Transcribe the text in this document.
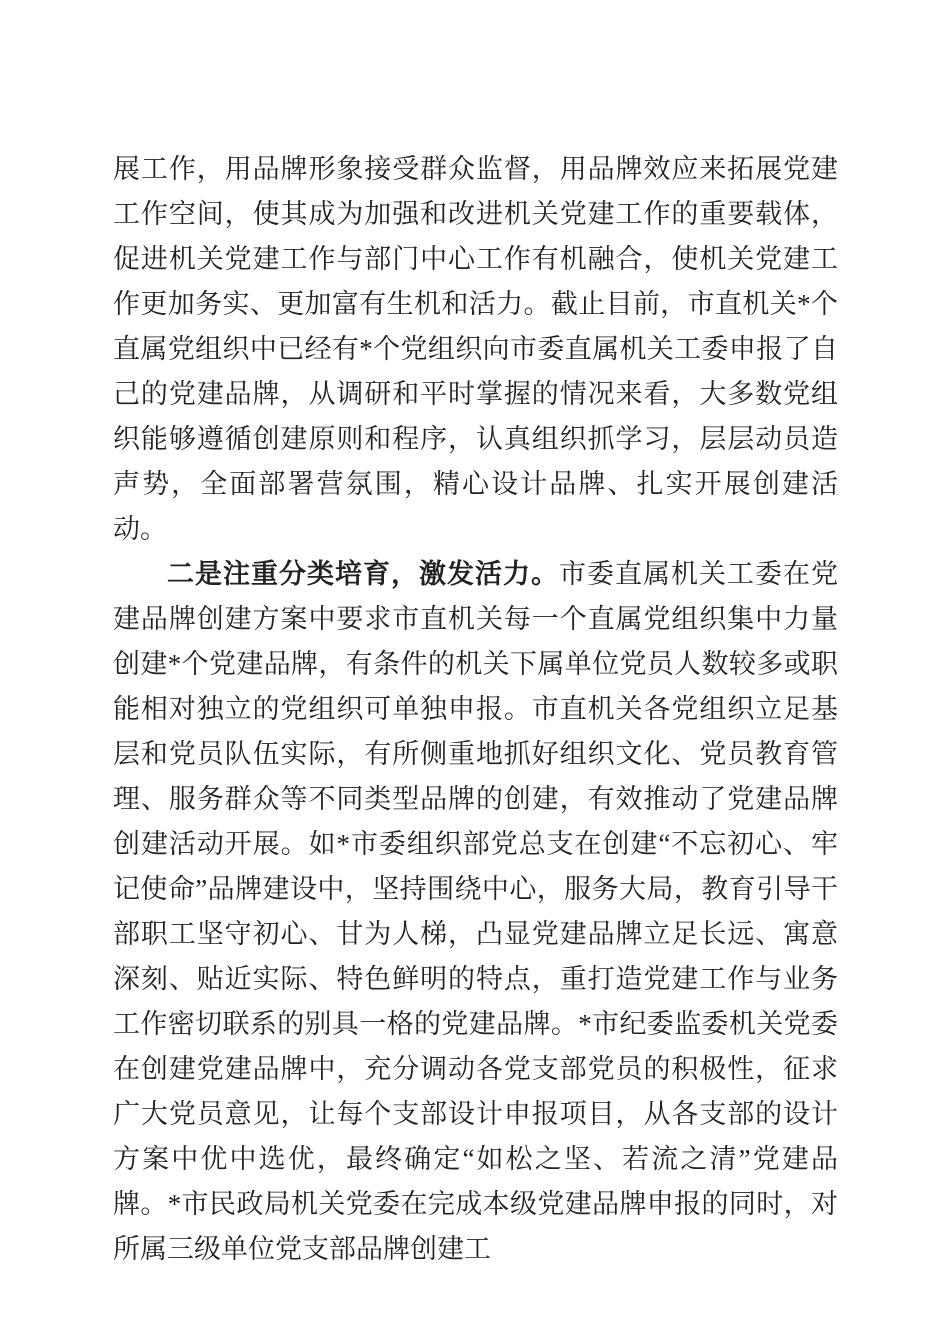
展工作，用品牌形象接受群众监督，用品牌效应来拓展党建工作空间，使其成为加强和改进机关党建工作的重要载体，促进机关党建工作与部门中心工作有机融合，使机关党建工作更加务实、更加富有生机和活力。截止目前，市直机关*个直属党组织中已经有*个党组织向市委直属机关工委申报了自己的党建品牌，从调研和平时掌握的情况来看，大多数党组织能够遵循创建原则和程序，认真组织抓学习，层层动员造声势，全面部署营氛围，精心设计品牌、扎实开展创建活动。

二是注重分类培育，激发活力。市委直属机关工委在党建品牌创建方案中要求市直机关每一个直属党组织集中力量创建*个党建品牌，有条件的机关下属单位党员人数较多或职能相对独立的党组织可单独申报。市直机关各党组织立足基层和党员队伍实际，有所侧重地抓好组织文化、党员教育管理、服务群众等不同类型品牌的创建，有效推动了党建品牌创建活动开展。如*市委组织部党总支在创建“不忘初心、牢记使命”品牌建设中，坚持围绕中心，服务大局，教育引导干部职工坚守初心、甘为人梯，凸显党建品牌立足长远、寓意深刻、贴近实际、特色鲜明的特点，重打造党建工作与业务工作密切联系的别具一格的党建品牌。*市纪委监委机关党委在创建党建品牌中，充分调动各党支部党员的积极性，征求广大党员意见，让每个支部设计申报项目，从各支部的设计方案中优中选优，最终确定“如松之坚、若流之清”党建品牌。*市民政局机关党委在完成本级党建品牌申报的同时，对所属三级单位党支部品牌创建工
